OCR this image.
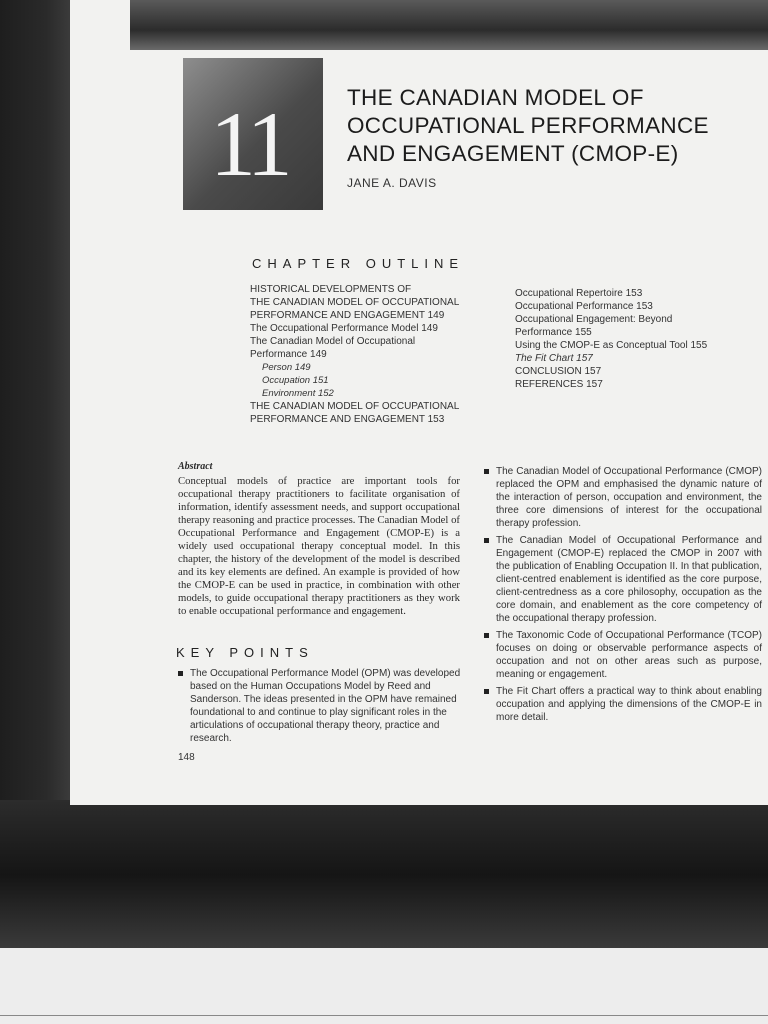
11	THE CANADIAN MODEL OF
OCCUPATIONAL PERFORMANCE
AND ENGAGEMENT (CMOP-E)
JANE A. DAVIS
CHAPTER OUTLINE
HISTORICAL DEVELOPMENTS OF
THE CANADIAN MODEL OF OCCUPATIONAL
PERFORMANCE AND ENGAGEMENT 149
The Occupational Performance Model 149
The Canadian Model of Occupational
Performance 149
Person 149
Occupation 151
Environment 152
THE CANADIAN MODEL OF OCCUPATIONAL
PERFORMANCE AND ENGAGEMENT 153
Occupational Repertoire 153
Occupational Performance 153
Occupational Engagement: Beyond
Performance 155
Using the CMOP-E as Conceptual Tool 155
The Fit Chart 157
CONCLUSION 157
REFERENCES 157
Abstract
Conceptual models of practice are important tools for occupational therapy practitioners to facilitate organisation of information, identify assessment needs, and support occupational therapy reasoning and practice processes. The Canadian Model of Occupational Performance and Engagement (CMOP-E) is a widely used occupational therapy conceptual model. In this chapter, the history of the development of the model is described and its key elements are defined. An example is provided of how the CMOP-E can be used in practice, in combination with other models, to guide occupational therapy practitioners as they work to enable occupational performance and engagement.
KEY POINTS
The Occupational Performance Model (OPM) was developed based on the Human Occupations Model by Reed and Sanderson. The ideas presented in the OPM have remained foundational to and continue to play significant roles in the articulations of occupational therapy theory, practice and research.
The Canadian Model of Occupational Performance (CMOP) replaced the OPM and emphasised the dynamic nature of the interaction of person, occupation and environment, the three core dimensions of interest for the occupational therapy profession.
The Canadian Model of Occupational Performance and Engagement (CMOP-E) replaced the CMOP in 2007 with the publication of Enabling Occupation II. In that publication, client-centred enablement is identified as the core purpose, client-centredness as a core philosophy, occupation as the core domain, and enablement as the core competency of the occupational therapy profession.
The Taxonomic Code of Occupational Performance (TCOP) focuses on doing or observable performance aspects of occupation and not on other areas such as purpose, meaning or engagement.
The Fit Chart offers a practical way to think about enabling occupation and applying the dimensions of the CMOP-E in more detail.
148
